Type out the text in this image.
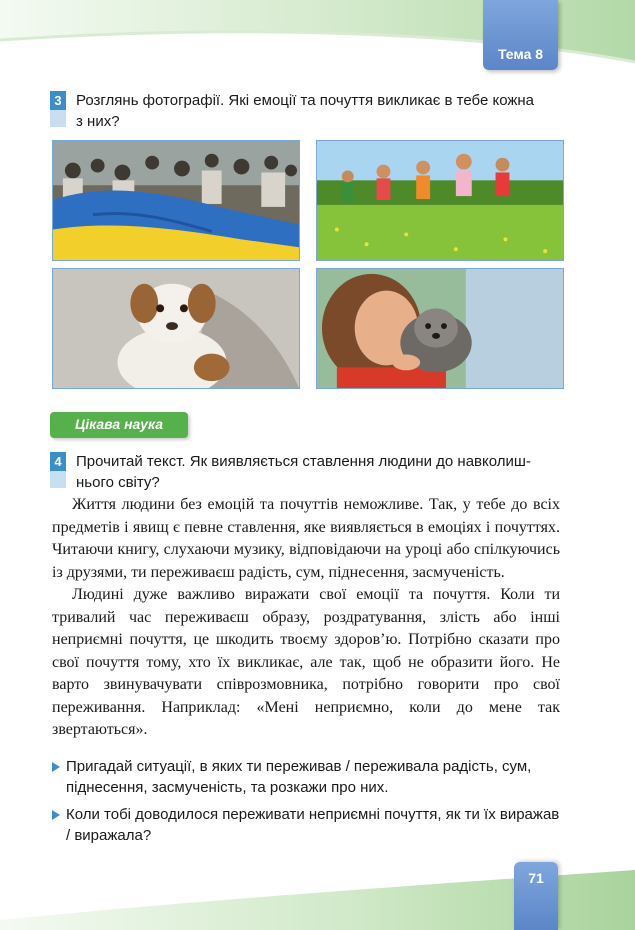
Тема 8
3 Розглянь фотографії. Які емоції та почуття викликає в тебе кожна
з них?
Цікава наука
4 Прочитай текст. Як виявляється ставлення людини до навколиш-
нього світу?

Життя людини без емоцій та почуттів неможливе. Так, у тебе до всіх предметів і явищ є певне ставлення, яке виявляється в емоціях і почуттях. Читаючи книгу, слухаючи музику, відповідаючи на уроці або спілкуючись із друзями, ти переживаєш радість, сум, піднесення, засмученість.

Людині дуже важливо виражати свої емоції та почуття. Коли ти тривалий час переживаєш образу, роздратування, злість або інші неприємні почуття, це шкодить твоєму здоров’ю. Потрібно сказати про свої почуття тому, хто їх викликає, але так, щоб не образити його. Не варто звинувачувати співрозмовника, потрібно говорити про свої переживання. Наприклад: «Мені неприємно, коли до мене так звертаються».

Пригадай ситуації, в яких ти переживав / переживала радість, сум, піднесення, засмученість, та розкажи про них.
Коли тобі доводилося переживати неприємні почуття, як ти їх виражав / виражала?
71
